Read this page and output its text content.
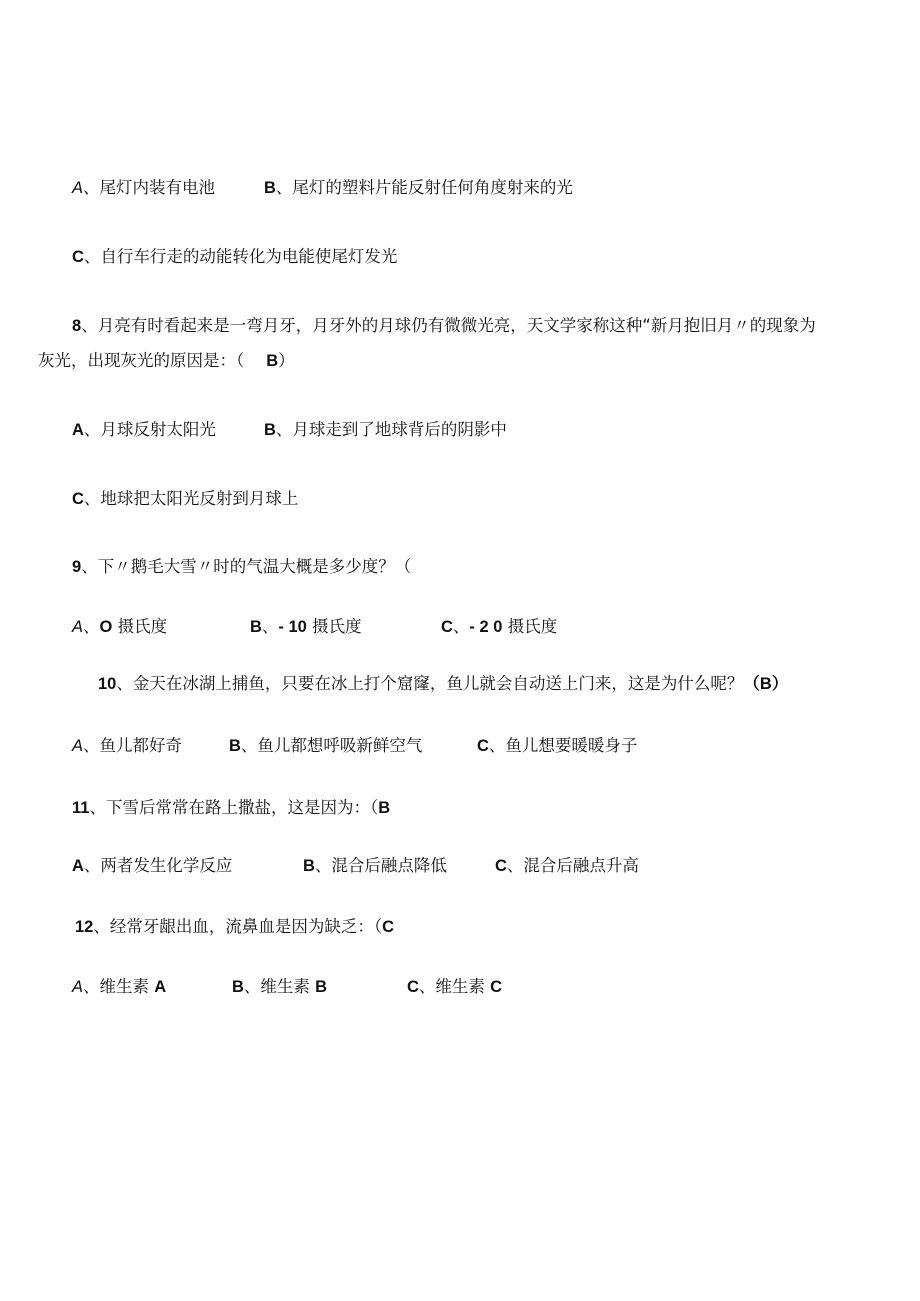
A、尾灯内装有电池	B、尾灯的塑料片能反射任何角度射来的光
C、自行车行走的动能转化为电能使尾灯发光
8、月亮有时看起来是一弯月牙，月牙外的月球仍有微微光亮，天文学家称这种“新月抱旧月〃的现象为
灰光，出现灰光的原因是：（ B）
A、月球反射太阳光	B、月球走到了地球背后的阴影中
C、地球把太阳光反射到月球上
9、下〃鹅毛大雪〃时的气温大概是多少度？（
A、O 摄氏度	B、- 10 摄氏度	C、- 2 0 摄氏度
10、金天在冰湖上捕鱼，只要在冰上打个窟窿，鱼儿就会自动送上门来，这是为什么呢？（B）
A、鱼儿都好奇	B、鱼儿都想呼吸新鲜空气	C、鱼儿想要暖暖身子
11、下雪后常常在路上撒盐，这是因为：（B
A、两者发生化学反应	B、混合后融点降低	C、混合后融点升高
12、经常牙龈出血，流鼻血是因为缺乏：（C
A、维生素 A	B、维生素 B	C、维生素 C
